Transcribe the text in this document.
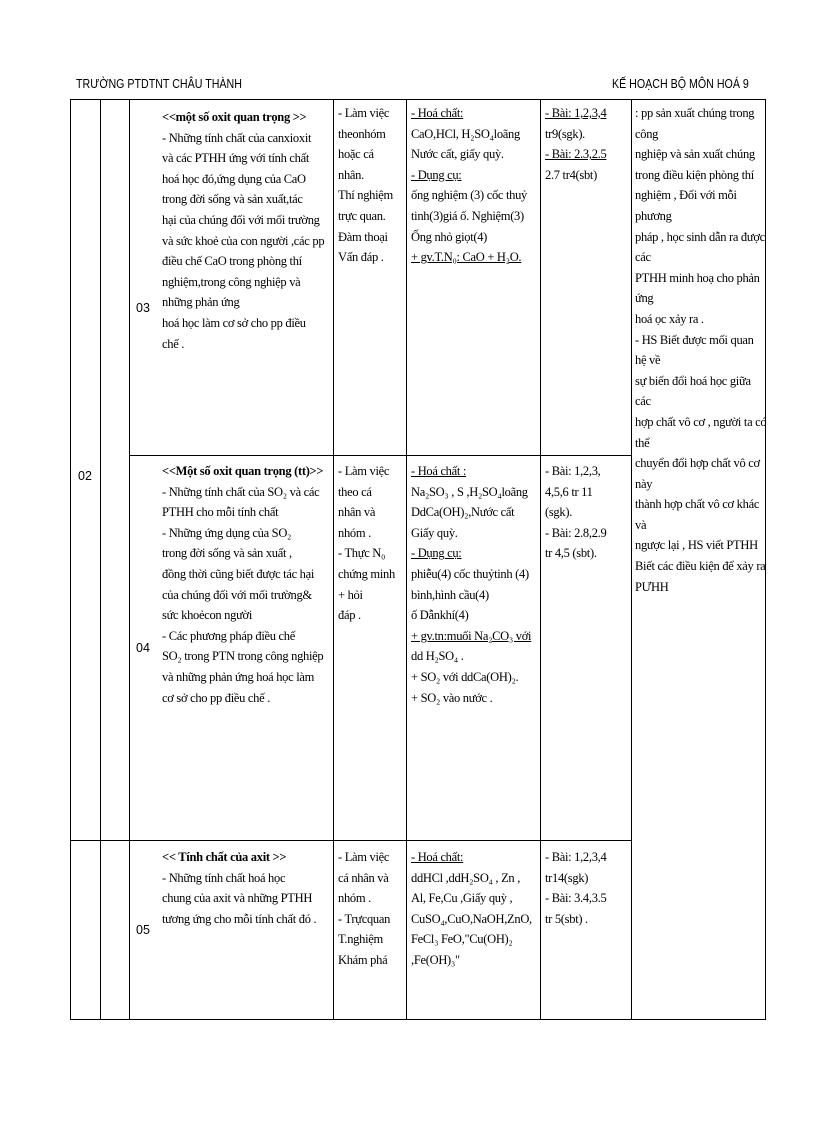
TRƯỜNG PTDTNT CHÂU THÀNH	KẾ HOẠCH BỘ MÔN HOÁ 9
02
03
04
05

<<một số oxit quan trọng >>

- Những tính chất của canxioxit

và các PTHH ứng với tính chất

hoá học đó,ứng dụng của CaO

trong đời sống và sản xuất,tác

hại của chúng đối với mối trường

và sức khoẻ của con người ,các pp

điều chế CaO trong phòng thí

nghiệm,trong công nghiệp và

những phản ứng

hoá học làm cơ sở cho pp điều

chế .

- Làm việc

theonhóm

hoặc cá

nhân.

Thí nghiệm

trực quan.

Đàm thoại

Vấn đáp .

- Hoá chất:

CaO,HCl, H₂SO₄loãng

Nước cất, giấy quỳ.

- Dụng cụ:

ống nghiệm (3) cốc thuỷ

tinh(3)giá ố. Nghiệm(3)

Ống nhỏ giọt(4)

+ gv.T.N₀: CaO + H₂O.

- Bài: 1,2,3,4

tr9(sgk).

- Bài: 2.3,2.5

2.7 tr4(sbt)

: pp sản xuất chúng trong công

nghiệp và sản xuất chúng

trong điều kiện phòng thí

nghiệm , Đối với mỗi phương

pháp , học sinh dẫn ra được các

PTHH minh hoạ cho phản ứng

hoá ọc xảy ra .

- HS Biết được mối quan hệ về

sự biến đổi hoá học giữa các

hợp chất vô cơ , người ta có thể

chuyển đổi hợp chất vô cơ này

thành hợp chất vô cơ khác và

ngược lại , HS viết PTHH

Biết các điều kiện để xảy ra

PƯHH

<<Một số oxit quan trọng (tt)>>

- Những tính chất của SO₂ và các

PTHH cho mỗi tính chất

- Những ứng dụng của SO₂

trong đời sống và sản xuất ,

đồng thời cũng biết được tác hại

của chúng đối với mối trường&

sức khoẻcon người

- Các phương pháp điều chế

SO₂ trong PTN trong công nghiệp

và những phản ứng hoá học làm

cơ sở cho pp điều chế .

- Làm việc

theo cá

nhân và

nhóm .

- Thực N₀

chứng minh

+ hỏi

đáp .

- Hoá chất :

Na₂SO₃ , S ,H₂SO₄loãng

DdCa(OH)₂,Nước cất

Giấy quỳ.

- Dụng cụ:

phiễu(4) cốc thuỷtinh (4)

bình,hình cầu(4)

ố Dẫnkhí(4)

+ gv.tn:muối Na₂CO₃ với

dd H₂SO₄ .

+ SO₂ với ddCa(OH)₂.

+ SO₂ vào nước .

- Bài: 1,2,3,

4,5,6 tr 11

(sgk).

- Bài: 2.8,2.9

tr 4,5 (sbt).

<< Tính chất của axit >>

- Những tính chất hoá học

chung của axit và những PTHH

tương ứng cho mỗi tính chất đó .

- Làm việc

cá nhân và

nhóm .

- Trựcquan

T.nghiệm

Khám phá

- Hoá chất:

ddHCl ,ddH₂SO₄ , Zn ,

Al, Fe,Cu ,Giấy quỳ ,

CuSO₄,CuO,NaOH,ZnO,

FeCl₃ FeO,"Cu(OH)₂

,Fe(OH)₃"

- Bài: 1,2,3,4

tr14(sgk)

- Bài: 3.4,3.5

tr 5(sbt) .
